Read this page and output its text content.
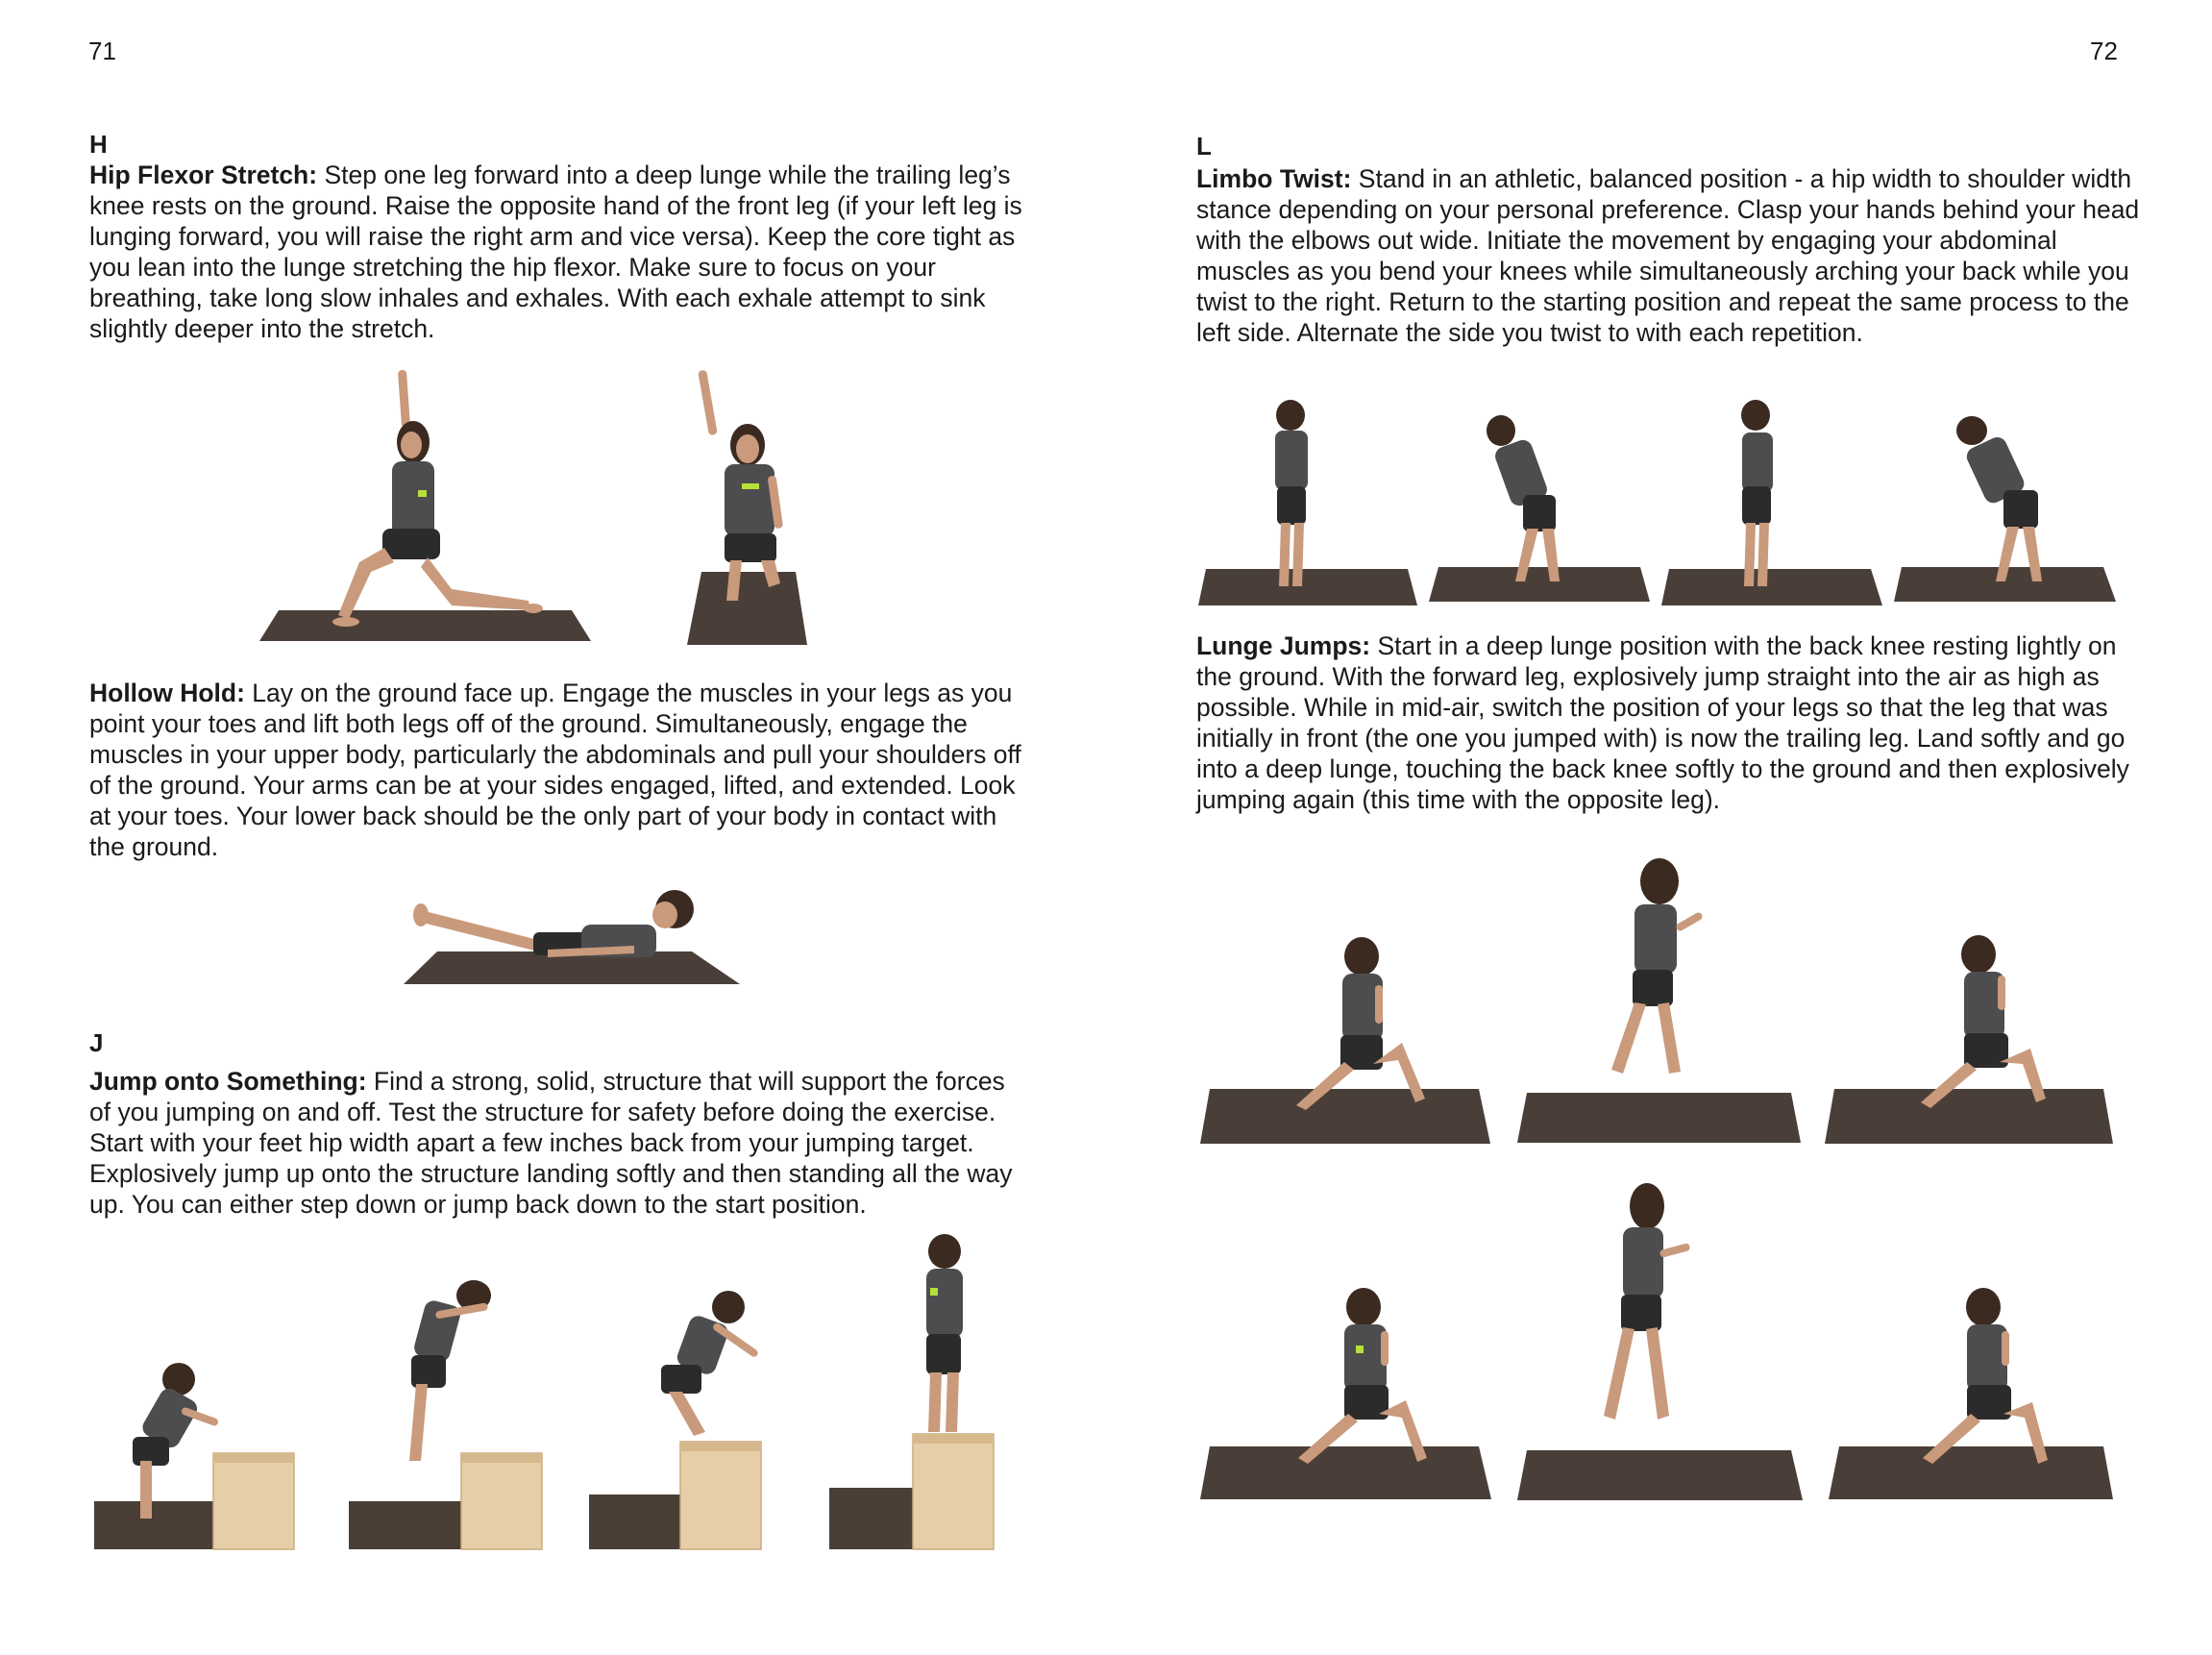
71
H
Hip Flexor Stretch: Step one leg forward into a deep lunge while the trailing leg’s knee rests on the ground. Raise the opposite hand of the front leg (if your left leg is lunging forward, you will raise the right arm and vice versa). Keep the core tight as you lean into the lunge stretching the hip flexor. Make sure to focus on your breathing, take long slow inhales and exhales. With each exhale attempt to sink slightly deeper into the stretch.
Hollow Hold: Lay on the ground face up. Engage the muscles in your legs as you point your toes and lift both legs off of the ground. Simultaneously, engage the muscles in your upper body, particularly the abdominals and pull your shoulders off of the ground. Your arms can be at your sides engaged, lifted, and extended. Look at your toes. Your lower back should be the only part of your body in contact with the ground.
J
Jump onto Something: Find a strong, solid, structure that will support the forces of you jumping on and off. Test the structure for safety before doing the exercise. Start with your feet hip width apart a few inches back from your jumping target. Explosively jump up onto the structure landing softly and then standing all the way up. You can either step down or jump back down to the start position.
72
L
Limbo Twist: Stand in an athletic, balanced position - a hip width to shoulder width stance depending on your personal preference. Clasp your hands behind your head with the elbows out wide. Initiate the movement by engaging your abdominal muscles as you bend your knees while simultaneously arching your back while you twist to the right. Return to the starting position and repeat the same process to the left side. Alternate the side you twist to with each repetition.
Lunge Jumps: Start in a deep lunge position with the back knee resting lightly on the ground. With the forward leg, explosively jump straight into the air as high as possible. While in mid-air, switch the position of your legs so that the leg that was initially in front (the one you jumped with) is now the trailing leg. Land softly and go into a deep lunge, touching the back knee softly to the ground and then explosively jumping again (this time with the opposite leg).
